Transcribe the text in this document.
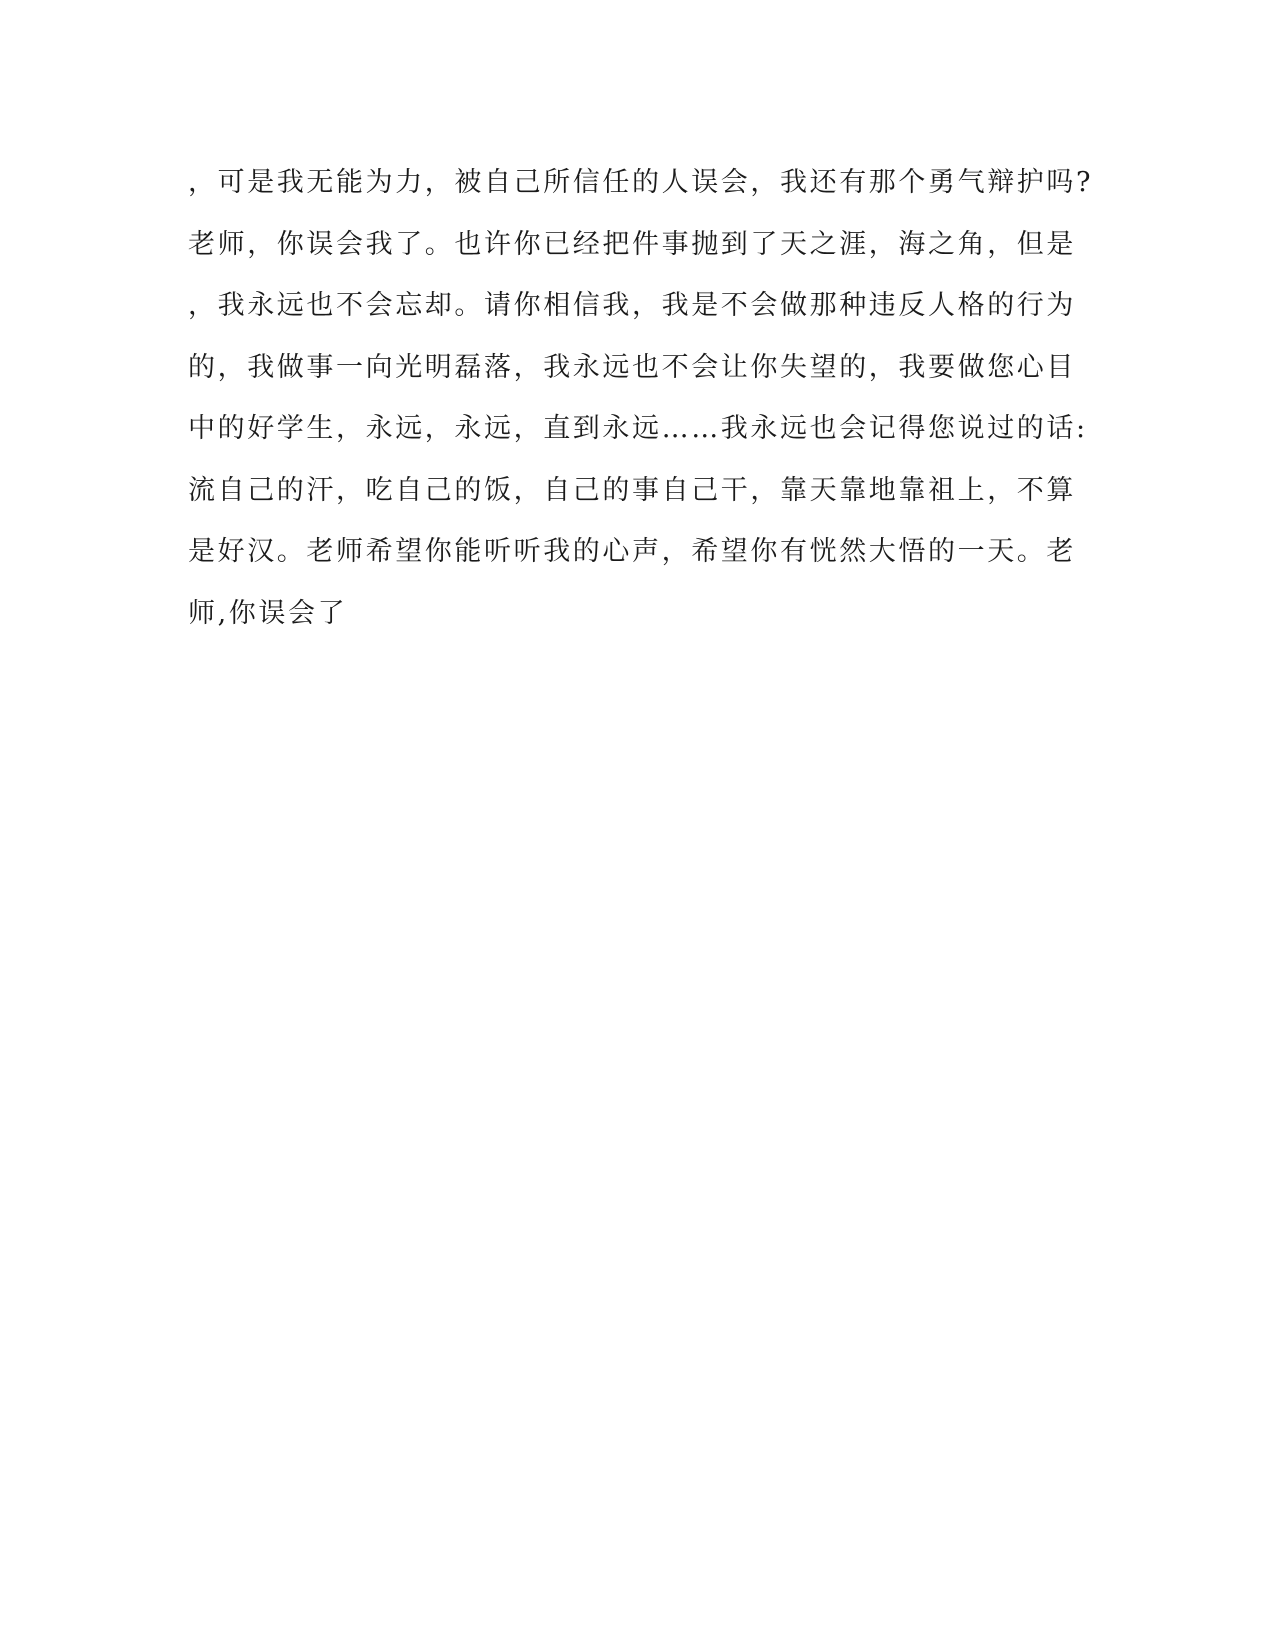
，可是我无能为力，被自己所信任的人误会，我还有那个勇气辩护吗?
老师，你误会我了。也许你已经把件事抛到了天之涯，海之角，但是
，我永远也不会忘却。请你相信我，我是不会做那种违反人格的行为
的，我做事一向光明磊落，我永远也不会让你失望的，我要做您心目
中的好学生，永远，永远，直到永远……我永远也会记得您说过的话:
流自己的汗，吃自己的饭，自己的事自己干，靠天靠地靠祖上，不算
是好汉。老师希望你能听听我的心声，希望你有恍然大悟的一天。老
师,你误会了
